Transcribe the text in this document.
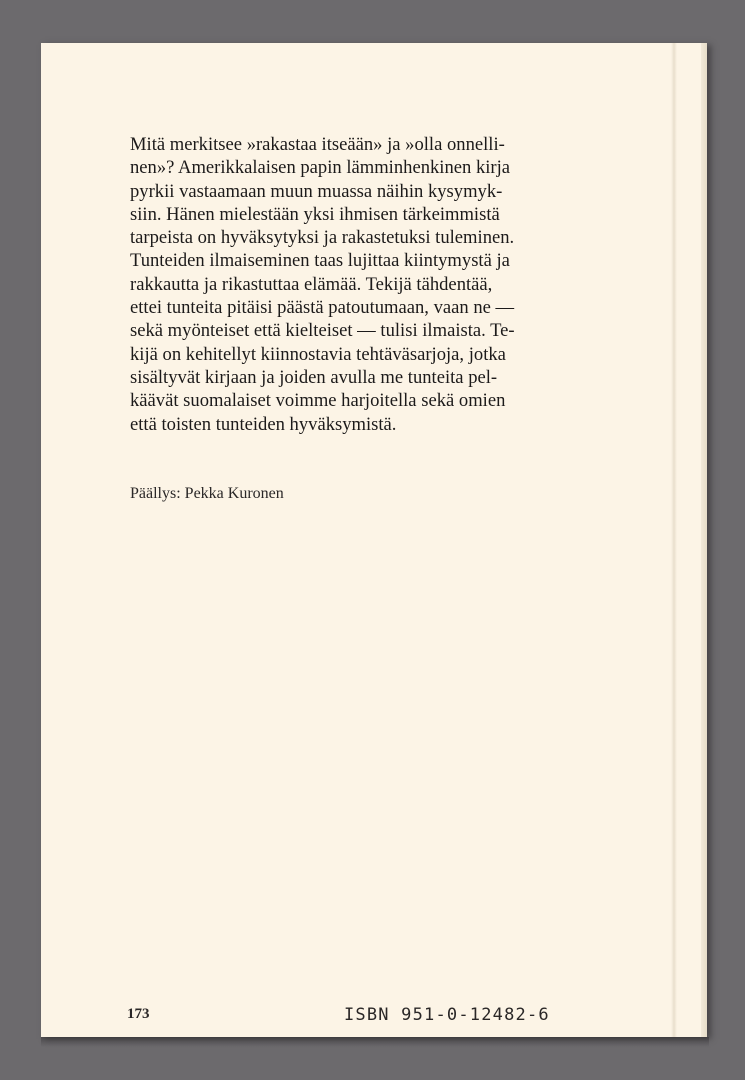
Mitä merkitsee »rakastaa itseään» ja »olla onnelli-
nen»? Amerikkalaisen papin lämminhenkinen kirja
pyrkii vastaamaan muun muassa näihin kysymyk-
siin. Hänen mielestään yksi ihmisen tärkeimmistä
tarpeista on hyväksytyksi ja rakastetuksi tuleminen.
Tunteiden ilmaiseminen taas lujittaa kiintymystä ja
rakkautta ja rikastuttaa elämää. Tekijä tähdentää,
ettei tunteita pitäisi päästä patoutumaan, vaan ne —
sekä myönteiset että kielteiset — tulisi ilmaista. Te-
kijä on kehitellyt kiinnostavia tehtäväsarjoja, jotka
sisältyvät kirjaan ja joiden avulla me tunteita pel-
käävät suomalaiset voimme harjoitella sekä omien
että toisten tunteiden hyväksymistä.

Päällys: Pekka Kuronen
173	ISBN 951-0-12482-6
